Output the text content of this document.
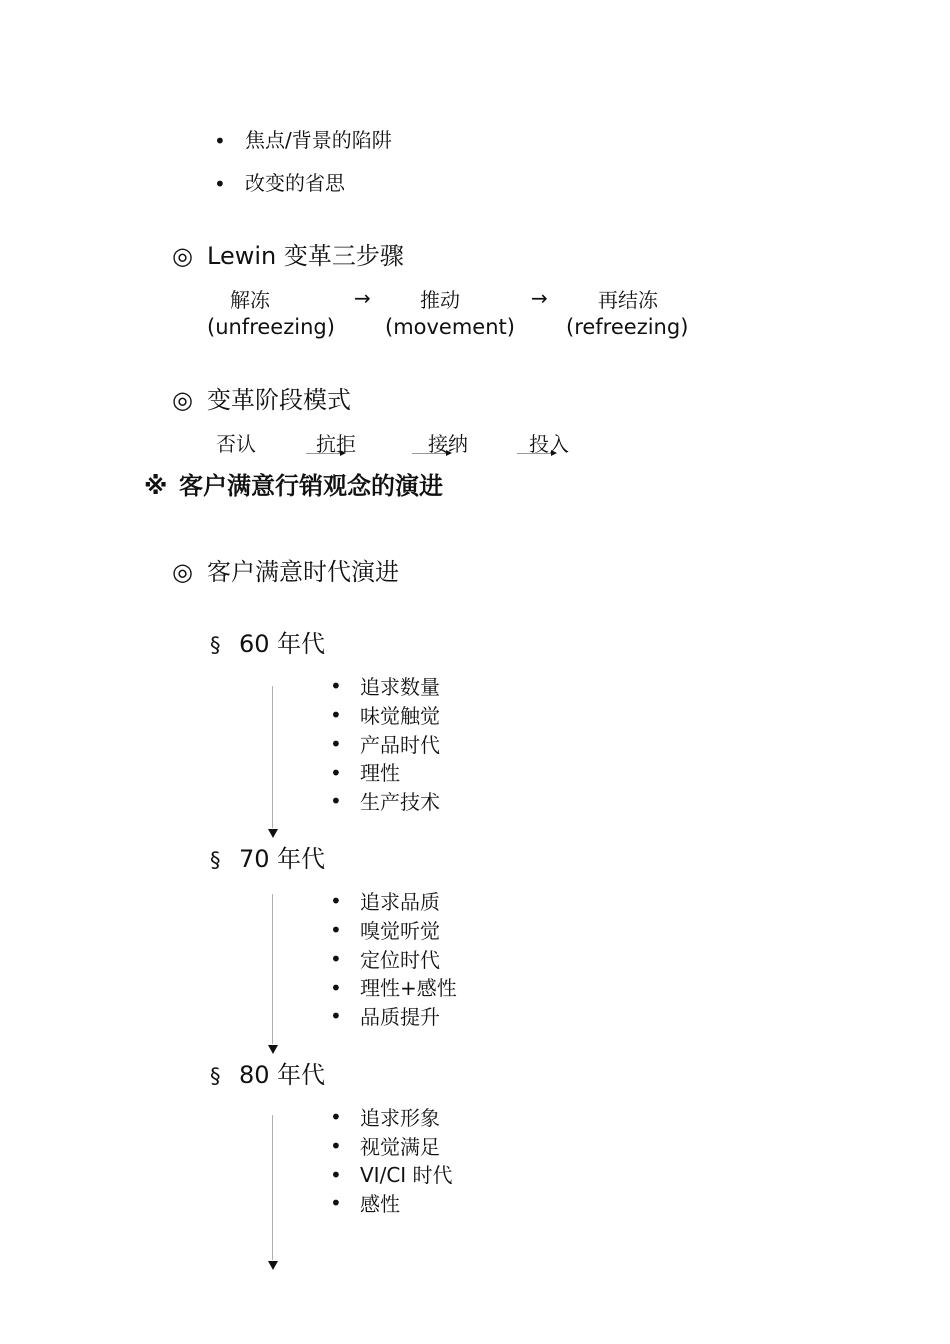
• 焦点/背景的陷阱
• 改变的省思
◎ Lewin 变革三步骤
解冻	→ 推动	→	再结冻
(unfreezing) (movement) (refreezing)
◎ 变革阶段模式
否认	抗拒	接纳	投入
※ 客户满意行销观念的演进
◎ 客户满意时代演进
§ 60 年代
• 追求数量
• 味觉触觉
• 产品时代
• 理性
• 生产技术
§ 70 年代
• 追求品质
• 嗅觉听觉
• 定位时代
• 理性+感性
• 品质提升
§ 80 年代
• 追求形象
• 视觉满足
• VI/CI 时代
• 感性
